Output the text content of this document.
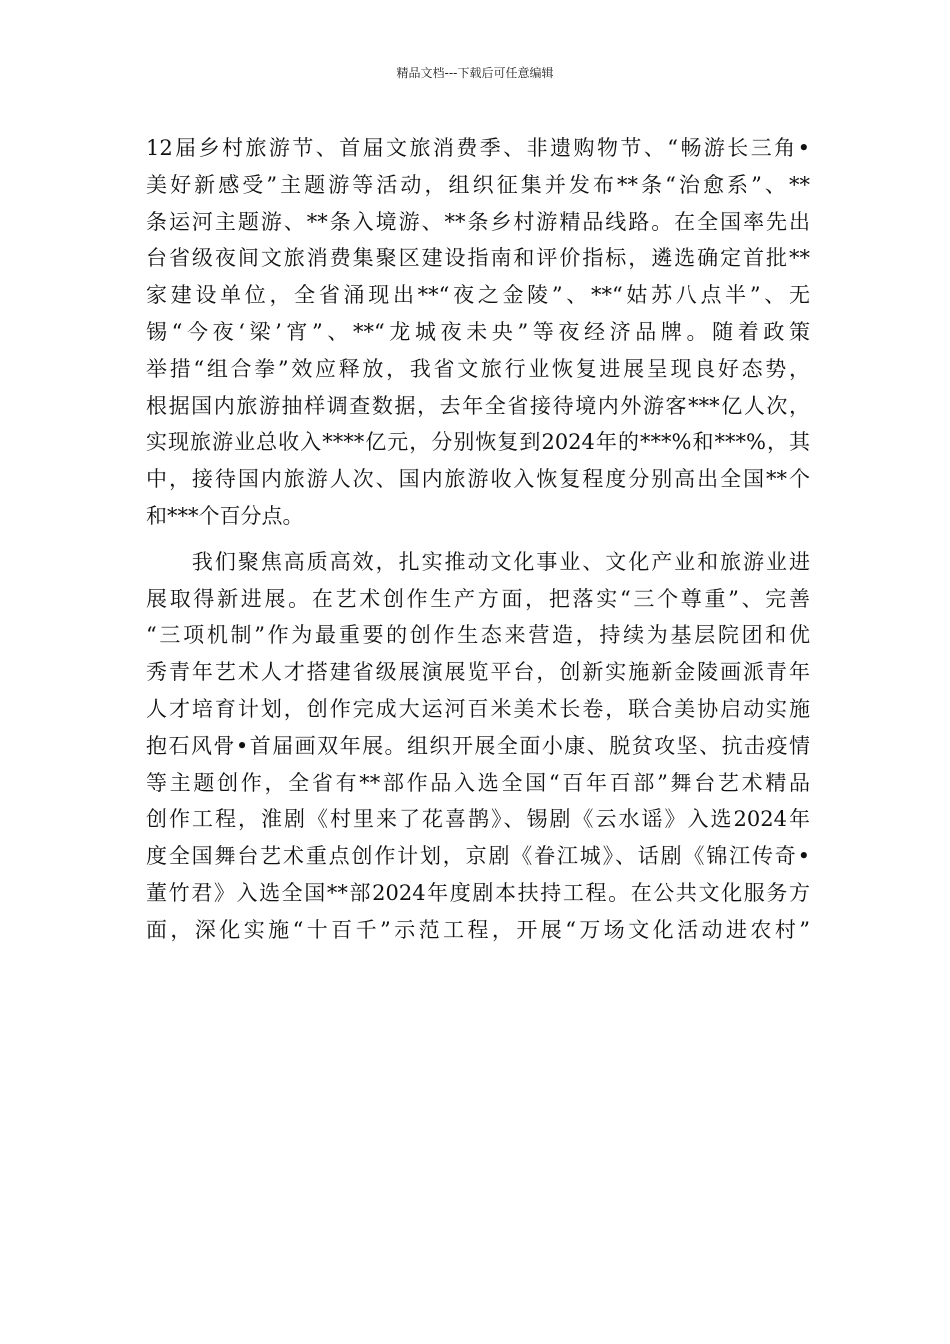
精品文档---下载后可任意编辑
12届乡村旅游节、首届文旅消费季、非遗购物节、“畅游长三角•
美好新感受”主题游等活动，组织征集并发布**条“治愈系”、**
条运河主题游、**条入境游、**条乡村游精品线路。在全国率先出
台省级夜间文旅消费集聚区建设指南和评价指标，遴选确定首批**
家建设单位，全省涌现出**“夜之金陵”、**“姑苏八点半”、无
锡“今夜‘梁’宵”、**“龙城夜未央”等夜经济品牌。随着政策
举措“组合拳”效应释放，我省文旅行业恢复进展呈现良好态势，
根据国内旅游抽样调查数据，去年全省接待境内外游客***亿人次，
实现旅游业总收入****亿元，分别恢复到2024年的***%和***%，其
中，接待国内旅游人次、国内旅游收入恢复程度分别高出全国**个
和***个百分点。
　　我们聚焦高质高效，扎实推动文化事业、文化产业和旅游业进
展取得新进展。在艺术创作生产方面，把落实“三个尊重”、完善
“三项机制”作为最重要的创作生态来营造，持续为基层院团和优
秀青年艺术人才搭建省级展演展览平台，创新实施新金陵画派青年
人才培育计划，创作完成大运河百米美术长卷，联合美协启动实施
抱石风骨•首届画双年展。组织开展全面小康、脱贫攻坚、抗击疫情
等主题创作，全省有**部作品入选全国“百年百部”舞台艺术精品
创作工程，淮剧《村里来了花喜鹊》、锡剧《云水谣》入选2024年
度全国舞台艺术重点创作计划，京剧《眷江城》、话剧《锦江传奇•
董竹君》入选全国**部2024年度剧本扶持工程。在公共文化服务方
面，深化实施“十百千”示范工程，开展“万场文化活动进农村”
